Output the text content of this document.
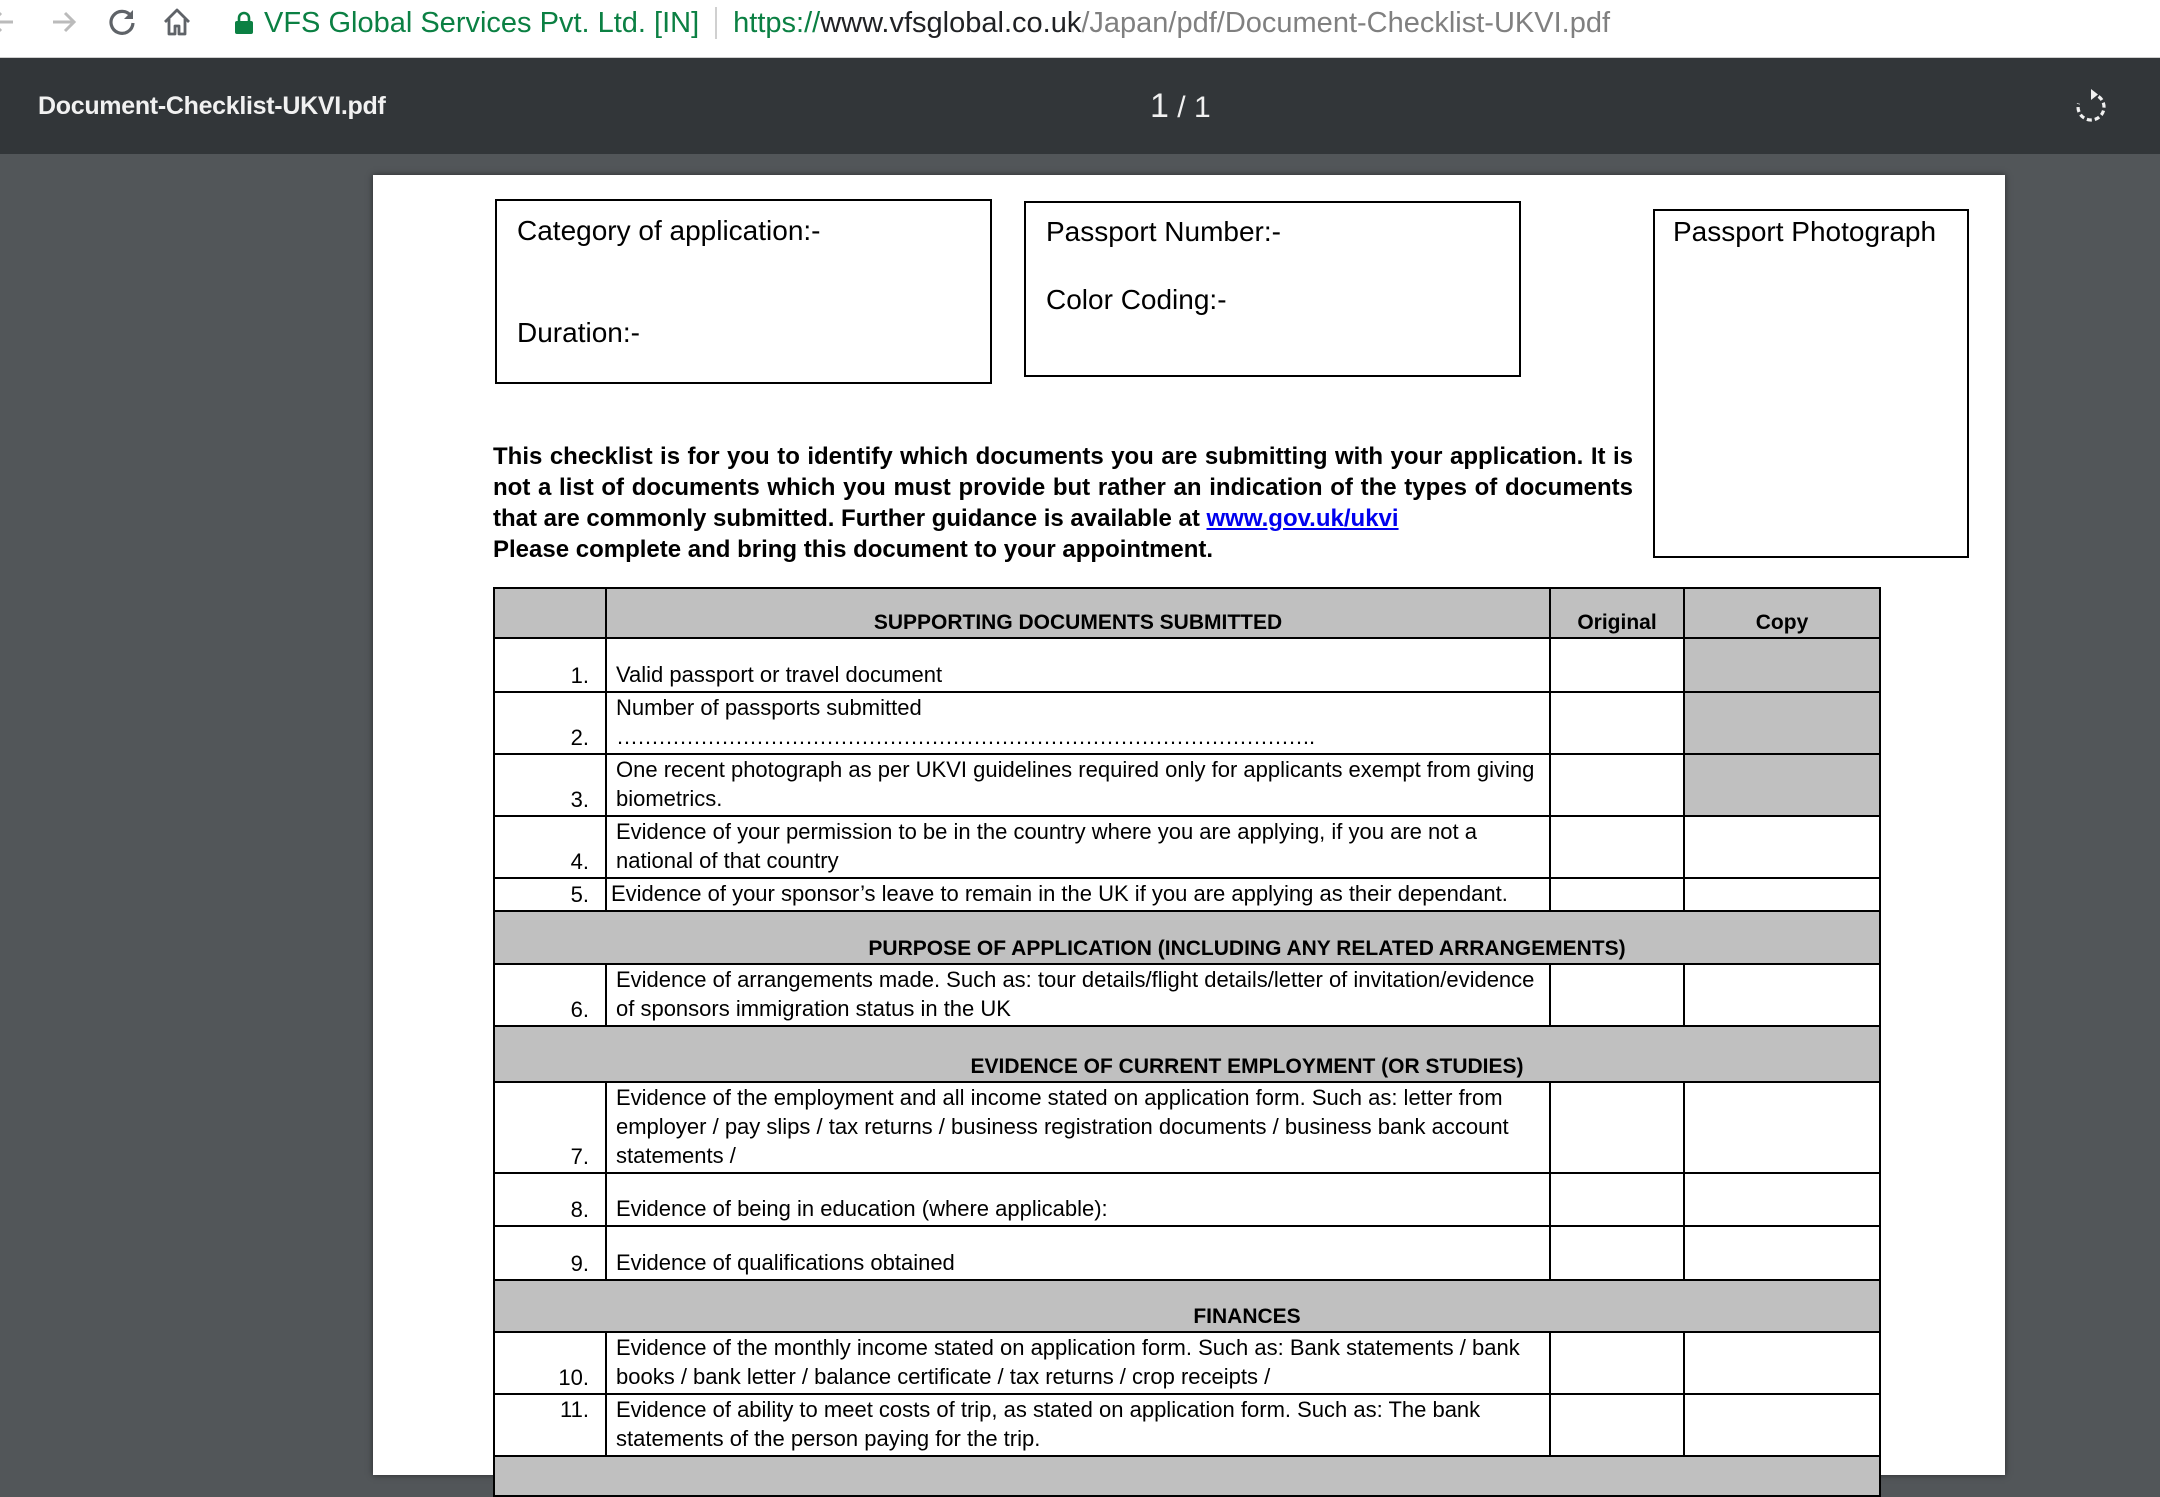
VFS Global Services Pvt. Ltd. [IN] https:// www.vfsglobal.co.uk /Japan/pdf/Document-Checklist-UKVI.pdf
Document-Checklist-UKVI.pdf	1 / 1
Category of application:-
Duration:-
Passport Number:-
Color Coding:-
Passport Photograph
This checklist is for you to identify which documents you are submitting with your application. It is not a list of documents which you must provide but rather an indication of the types of documents that are commonly submitted. Further guidance is available at www.gov.uk/ukvi
Please complete and bring this document to your appointment.
	SUPPORTING DOCUMENTS SUBMITTED	Original	Copy
1.	Valid passport or travel document		
2.	Number of passports submitted ……………………………………………………………………………………….		
3.	One recent photograph as per UKVI guidelines required only for applicants exempt from giving biometrics.		
4.	Evidence of your permission to be in the country where you are applying, if you are not a national of that country		
5.	Evidence of your sponsor’s leave to remain in the UK if you are applying as their dependant.		
PURPOSE OF APPLICATION (INCLUDING ANY RELATED ARRANGEMENTS)			
6.	Evidence of arrangements made. Such as: tour details/flight details/letter of invitation/evidence of sponsors immigration status in the UK		
EVIDENCE OF CURRENT EMPLOYMENT (OR STUDIES)			
7.	Evidence of the employment and all income stated on application form. Such as: letter from employer / pay slips / tax returns / business registration documents / business bank account statements /		
8.	Evidence of being in education (where applicable):		
9.	Evidence of qualifications obtained		
FINANCES			
10.	Evidence of the monthly income stated on application form. Such as: Bank statements / bank books / bank letter / balance certificate / tax returns / crop receipts /		
11.	Evidence of ability to meet costs of trip, as stated on application form. Such as: The bank statements of the person paying for the trip.		
